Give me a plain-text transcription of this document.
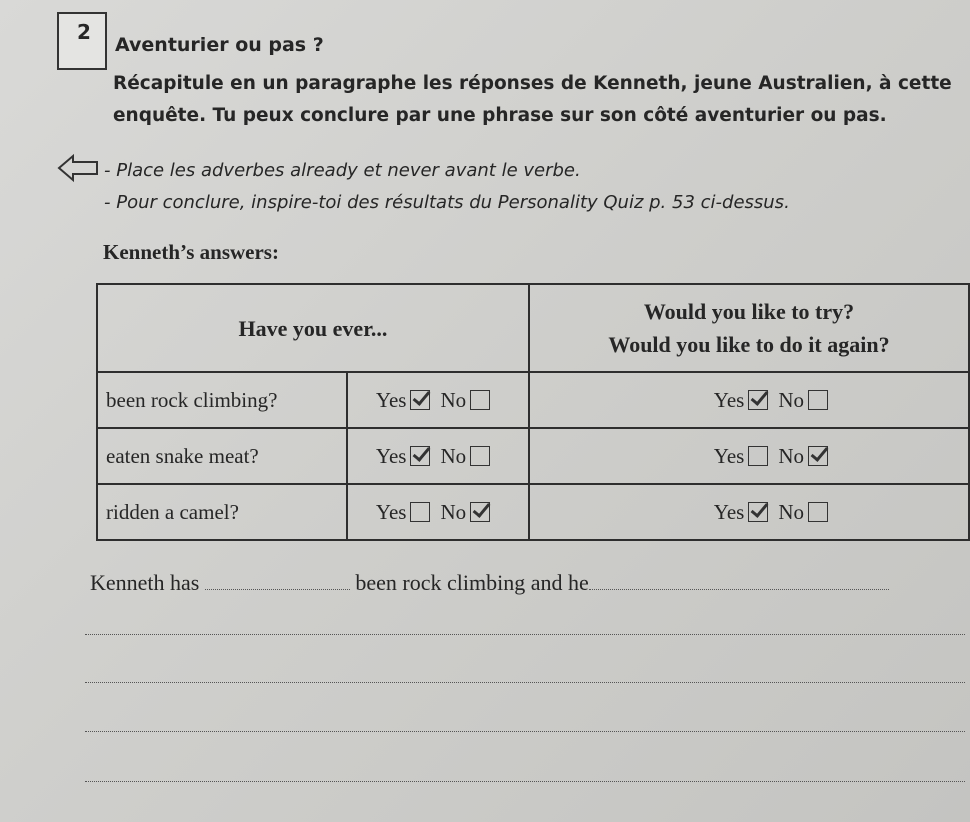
2
Aventurier ou pas ?
Récapitule en un paragraphe les réponses de Kenneth, jeune Australien, à cette enquête. Tu peux conclure par une phrase sur son côté aventurier ou pas.
- Place les adverbes already et never avant le verbe.
- Pour conclure, inspire-toi des résultats du Personality Quiz p. 53 ci-dessus.
Kenneth’s answers:
Have you ever...		Would you like to try?
Would you like to do it again?

been rock climbing?	Yes No	Yes No
eaten snake meat?	Yes No	Yes No
ridden a camel?	Yes No	Yes No
Kenneth has	been rock climbing and he
